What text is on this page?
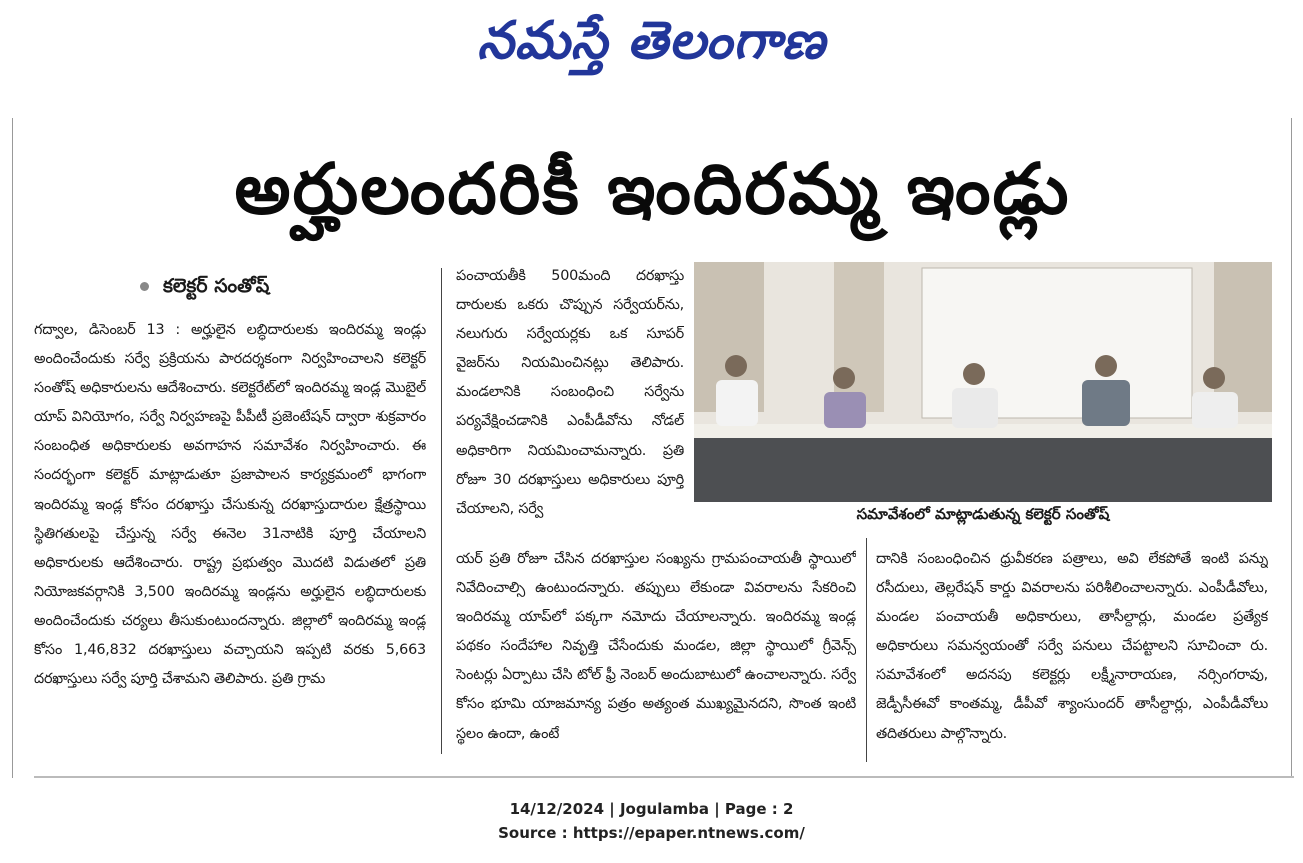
నమస్తే తెలంగాణ
అర్హులందరికీ ఇందిరమ్మ ఇండ్లు
కలెక్టర్ సంతోష్

గద్వాల, డిసెంబర్ 13 : అర్హులైన లబ్ధిదారులకు ఇందిరమ్మ ఇండ్లు అందించేందుకు సర్వే ప్రక్రియను పారదర్శకంగా నిర్వహించాలని కలెక్టర్ సంతోష్ అధికారులను ఆదేశించారు. కలెక్టరేట్‌లో ఇందిరమ్మ ఇండ్ల మొబైల్ యాప్ వినియోగం, సర్వే నిర్వహణపై పీపీటీ ప్రజెంటేషన్ ద్వారా శుక్రవారం సంబంధిత అధికారులకు అవగాహన సమావేశం నిర్వహించారు. ఈ సందర్భంగా కలెక్టర్ మాట్లాడుతూ ప్రజాపాలన కార్యక్రమంలో భాగంగా ఇందిరమ్మ ఇండ్ల కోసం దరఖాస్తు చేసుకున్న దరఖాస్తుదారుల క్షేత్రస్థాయి స్థితిగతులపై చేస్తున్న సర్వే ఈనెల 31నాటికి పూర్తి చేయాలని అధికారులకు ఆదేశించారు. రాష్ట్ర ప్రభుత్వం మొదటి విడుతలో ప్రతి నియోజకవర్గానికి 3,500 ఇందిరమ్మ ఇండ్లను అర్హులైన లబ్ధిదారులకు అందించేందుకు చర్యలు తీసుకుంటుందన్నారు. జిల్లాలో ఇందిరమ్మ ఇండ్ల కోసం 1,46,832 దరఖాస్తులు వచ్చాయని ఇప్పటి వరకు 5,663 దరఖాస్తులు సర్వే పూర్తి చేశామని తెలిపారు. ప్రతి గ్రామ

పంచాయతీకి 500మంది దరఖాస్తు దారులకు ఒకరు చొప్పున సర్వేయర్‌ను, నలుగురు సర్వేయర్లకు ఒక సూపర్ వైజర్‌ను నియమించినట్లు తెలిపారు. మండలానికి సంబంధించి సర్వేను పర్యవేక్షించడానికి ఎంపీడీవోను నోడల్ అధికారిగా నియమించామన్నారు. ప్రతి రోజూ 30 దరఖాస్తులు అధికారులు పూర్తి చేయాలని, సర్వే

యర్ ప్రతి రోజూ చేసిన దరఖాస్తుల సంఖ్యను గ్రామపంచాయతీ స్థాయిలో నివేదించాల్సి ఉంటుందన్నారు. తప్పులు లేకుండా వివరాలను సేకరించి ఇందిరమ్మ యాప్‌లో పక్కగా నమోదు చేయాలన్నారు. ఇందిరమ్మ ఇండ్ల పథకం సందేహాల నివృత్తి చేసేందుకు మండల, జిల్లా స్థాయిలో గ్రీవెన్స్ సెంటర్లు ఏర్పాటు చేసి టోల్ ఫ్రీ నెంబర్ అందుబాటులో ఉంచాలన్నారు. సర్వే కోసం భూమి యాజమాన్య పత్రం అత్యంత ముఖ్యమైనదని, సొంత ఇంటి స్థలం ఉందా, ఉంటే

దానికి సంబంధించిన ధ్రువీకరణ పత్రాలు, అవి లేకపోతే ఇంటి పన్ను రసీదులు, తెల్లరేషన్ కార్డు వివరాలను పరిశీలించాలన్నారు. ఎంపీడీవోలు, మండల పంచాయతీ అధికారులు, తాసీల్దార్లు, మండల ప్రత్యేక అధికారులు సమన్వయంతో సర్వే పనులు చేపట్టాలని సూచించా రు. సమావేశంలో అదనపు కలెక్టర్లు లక్ష్మీనారాయణ, నర్సింగరావు, జెడ్పీసీఈవో కాంతమ్మ, డీపీవో శ్యాంసుందర్ తాసీల్దార్లు, ఎంపీడీవోలు తదితరులు పాల్గొన్నారు.

సమావేశంలో మాట్లాడుతున్న కలెక్టర్ సంతోష్
14/12/2024 | Jogulamba | Page : 2
Source : https://epaper.ntnews.com/
